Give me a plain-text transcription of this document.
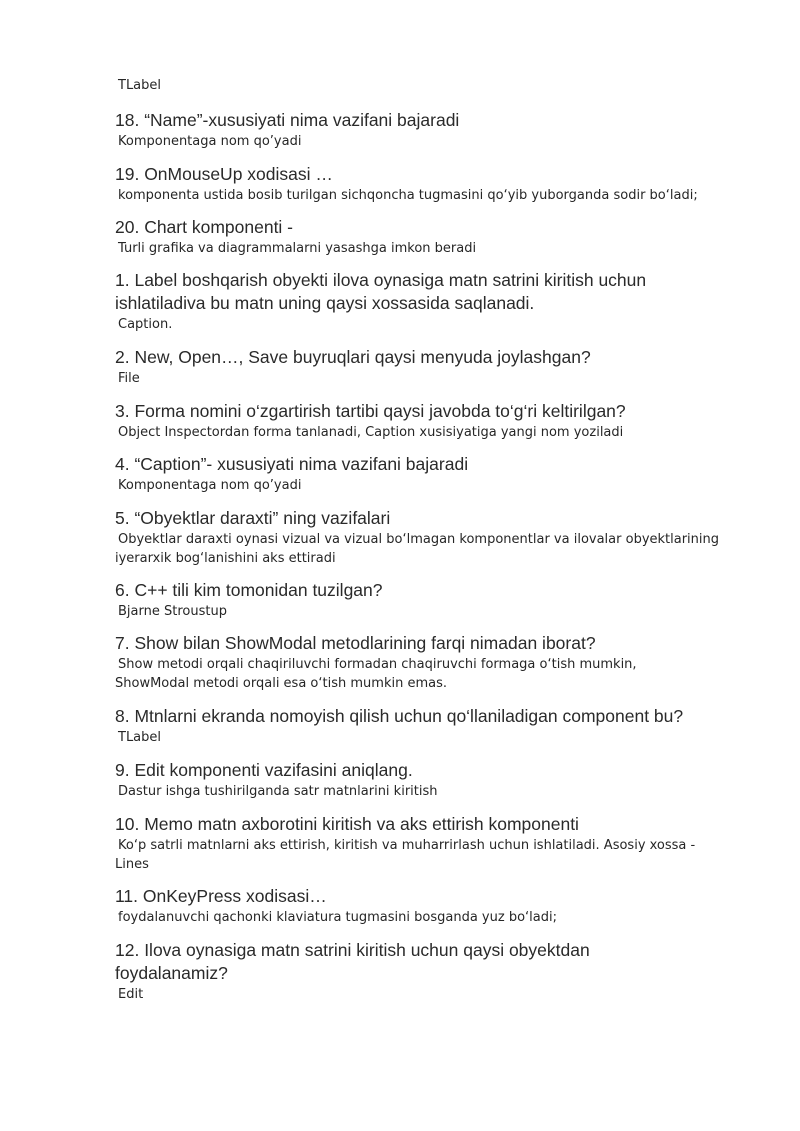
TLabel

18. “Name”-xususiyati nima vazifani bajaradi

Komponentaga nom qo’yadi

19. OnMouseUp xodisasi …

komponenta ustida bosib turilgan sichqoncha tugmasini qo‘yib yuborganda sodir bo‘ladi;

20. Chart komponenti -

Turli grafika va diagrammalarni yasashga imkon beradi

1. Label boshqarish obyekti ilova oynasiga matn satrini kiritish uchun ishlatiladiva bu matn uning qaysi xossasida saqlanadi.

Caption.

2. New, Open…, Save buyruqlari qaysi menyuda joylashgan?

File

3. Forma nomini o‘zgartirish tartibi qaysi javobda to‘g‘ri keltirilgan?

Object Inspectordan forma tanlanadi, Caption xusisiyatiga yangi nom yoziladi

4. “Caption”- xususiyati nima vazifani bajaradi

Komponentaga nom qo’yadi

5. “Obyektlar daraxti” ning vazifalari

Obyektlar daraxti oynasi vizual va vizual bo‘lmagan komponentlar va ilovalar obyektlarining iyerarxik bog‘lanishini aks ettiradi

6. C++ tili kim tomonidan tuzilgan?

Bjarne Stroustup

7. Show bilan ShowModal metodlarining farqi nimadan iborat?

Show metodi orqali chaqiriluvchi formadan chaqiruvchi formaga o‘tish mumkin, ShowModal metodi orqali esa o‘tish mumkin emas.

8. Mtnlarni ekranda nomoyish qilish uchun qo‘llaniladigan component bu?

TLabel

9. Edit komponenti vazifasini aniqlang.

Dastur ishga tushirilganda satr matnlarini kiritish

10. Memo matn axborotini kiritish va aks ettirish komponenti

Ko‘p satrli matnlarni aks ettirish, kiritish va muharrirlash uchun ishlatiladi. Asosiy xossa - Lines

11. OnKeyPress xodisasi…

foydalanuvchi qachonki klaviatura tugmasini bosganda yuz bo‘ladi;

12. Ilova oynasiga matn satrini kiritish uchun qaysi obyektdan foydalanamiz?

Edit
